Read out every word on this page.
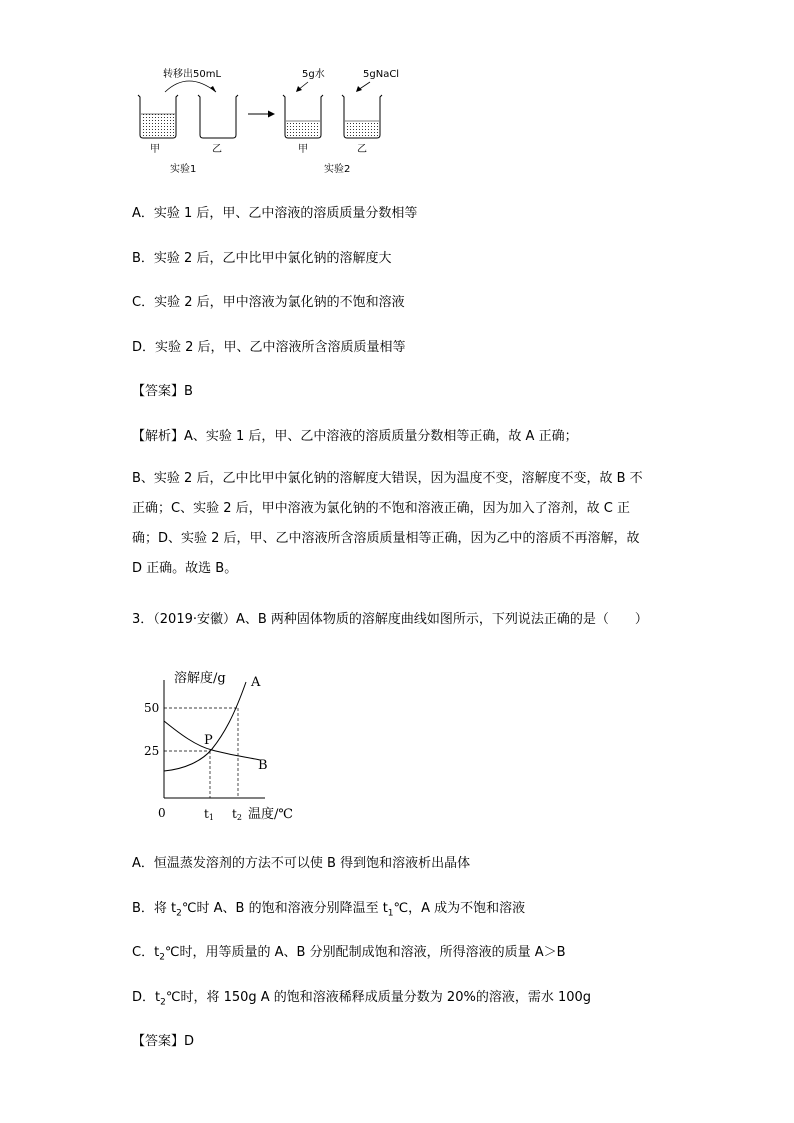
转移出50mL
甲	乙
实验1
5g水
甲
5gNaCl
乙
实验2
A．实验 1 后，甲、乙中溶液的溶质质量分数相等
B．实验 2 后，乙中比甲中氯化钠的溶解度大
C．实验 2 后，甲中溶液为氯化钠的不饱和溶液
D．实验 2 后，甲、乙中溶液所含溶质质量相等
【答案】B
【解析】A、实验 1 后，甲、乙中溶液的溶质质量分数相等正确，故 A 正确；
B、实验 2 后，乙中比甲中氯化钠的溶解度大错误，因为温度不变，溶解度不变，故 B 不正确；C、实验 2 后，甲中溶液为氯化钠的不饱和溶液正确，因为加入了溶剂，故 C 正确；D、实验 2 后，甲、乙中溶液所含溶质质量相等正确，因为乙中的溶质不再溶解，故 D 正确。故选 B。
3．（2019·安徽）A、B 两种固体物质的溶解度曲线如图所示，下列说法正确的是（　　）
溶解度/g
温度/℃
0
50
25
A
B
P
t1 t2
A．恒温蒸发溶剂的方法不可以使 B 得到饱和溶液析出晶体
B．将 $t_2℃$时 A、B 的饱和溶液分别降温至 $t_1℃$，A 成为不饱和溶液
C．$t_2℃$时，用等质量的 A、B 分别配制成饱和溶液，所得溶液的质量 A＞B
D．$t_2℃$时，将 150g A 的饱和溶液稀释成质量分数为 20%的溶液，需水 100g
【答案】D
